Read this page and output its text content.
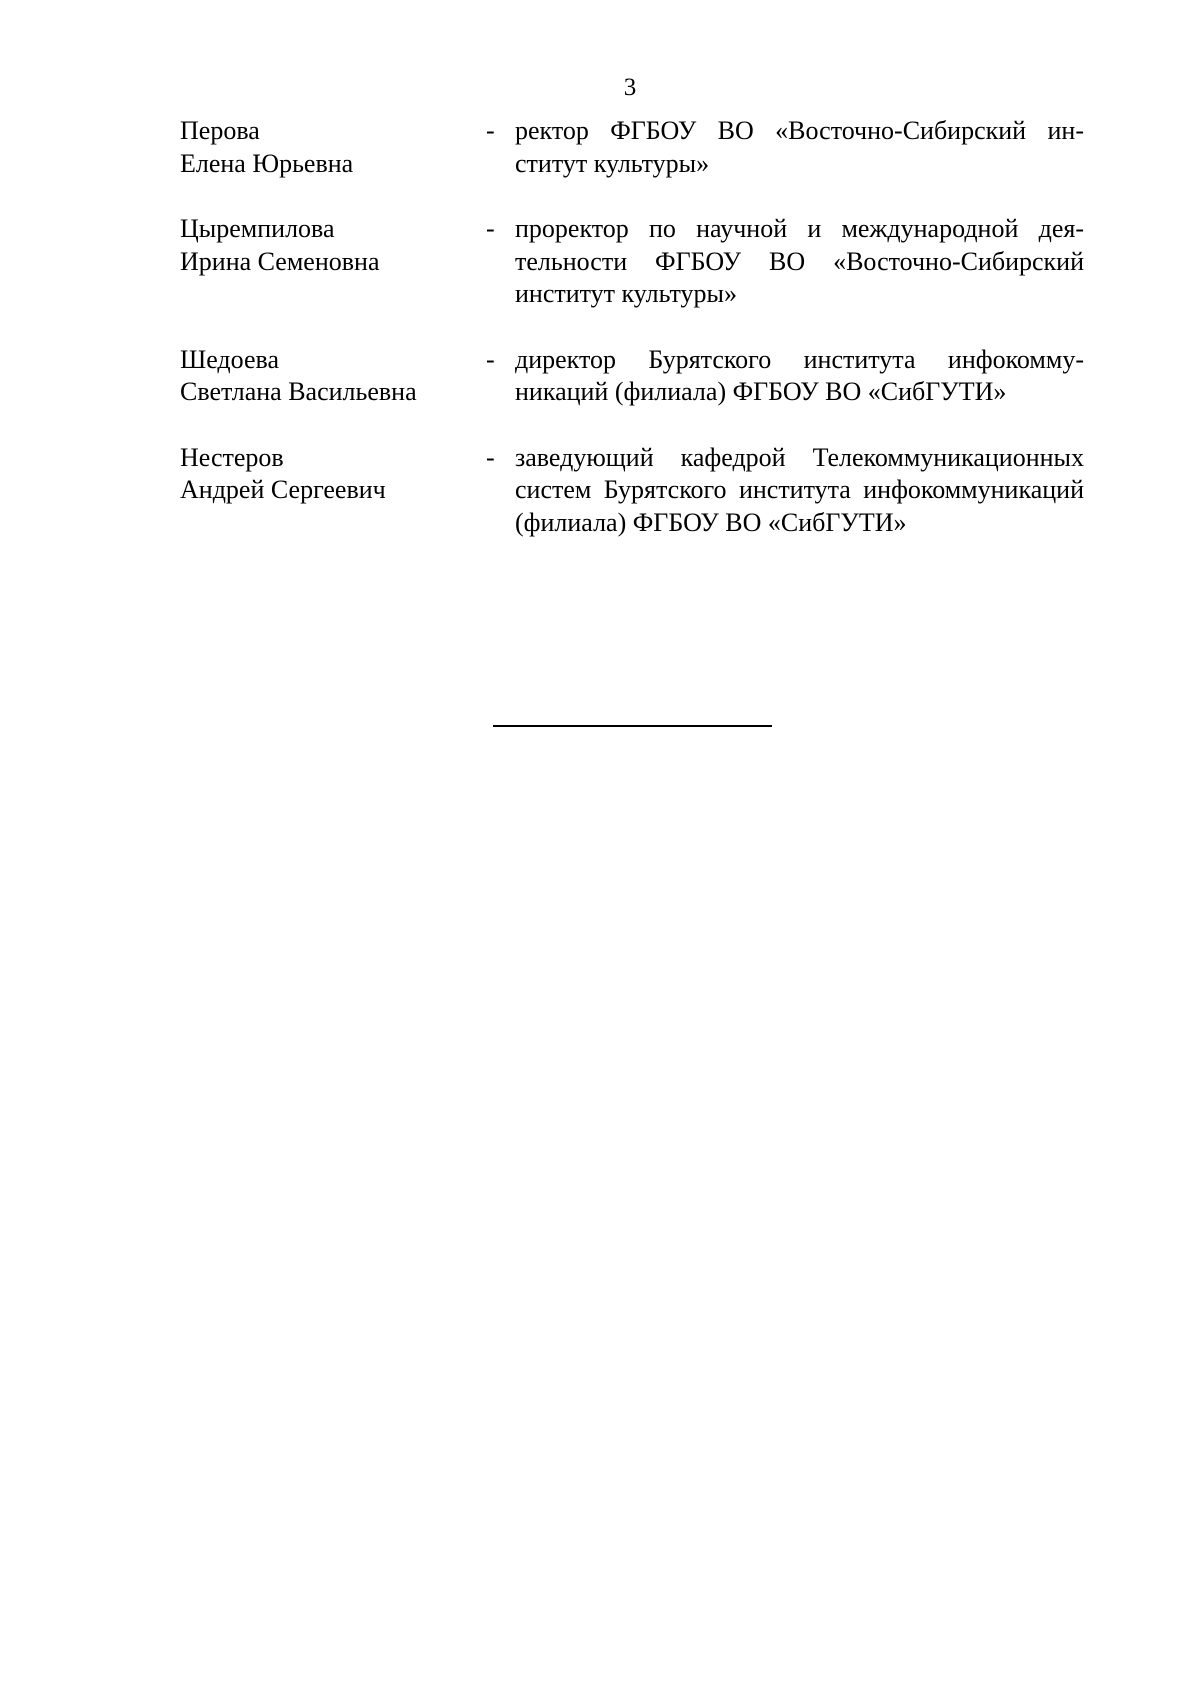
3
Перова
Елена Юрьевна
- ректор ФГБОУ ВО «Восточно-Сибирский институт культуры»
Цыремпилова
Ирина Семеновна
- проректор по научной и международной деятельности ФГБОУ ВО «Восточно-Сибирский институт культуры»
Шедоева
Светлана Васильевна
- директор Бурятского института инфокоммуникаций (филиала) ФГБОУ ВО «СибГУТИ»
Нестеров
Андрей Сергеевич
- заведующий кафедрой Телекоммуникационных систем Бурятского института инфокоммуникаций (филиала) ФГБОУ ВО «СибГУТИ»
